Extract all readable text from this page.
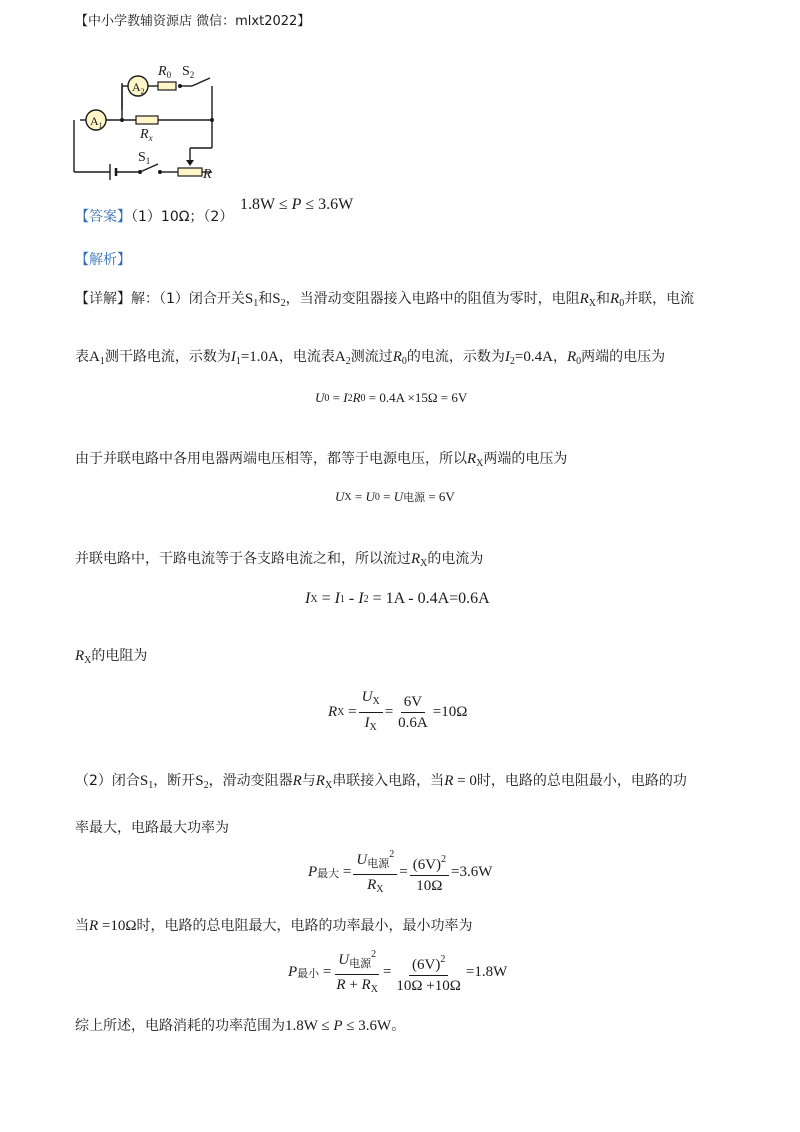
【中小学教辅资源店 微信：mlxt2022】
$A_2$
$A_1$
$R_0$ $S_2$
$R_x$
$S_1$
R
【答案】（1）10Ω；（2）
1.8W ≤ P ≤ 3.6W
【解析】
【详解】解：（1）闭合开关$S_1$和$S_2$，当滑动变阻器接入电路中的阻值为零时，电阻$R_X$和$R_0$并联，电流
表$A_1$测干路电流，示数为$I_1=1.0A$，电流表$A_2$测流过$R_0$的电流，示数为$I_2=0.4A$，$R_0$两端的电压为
U 0 = I 2 R 0
= 0.4A ×15Ω = 6V
由于并联电路中各用电器两端电压相等，都等于电源电压，所以$R_X$两端的电压为
U X = U 0 = U 电源
= 6V
并联电路中，干路电流等于各支路电流之和，所以流过$R_X$的电流为
I X = I 1 - I 2
= 1A - 0.4A=0.6A
$R_X$的电阻为
R $X = \frac{U_X}{I_X} = \frac{6V}{0.6A} =10\Omega$
（2）闭合$S_1$，断开$S_2$，滑动变阻器R与$R_X$串联接入电路，当R = 0时，电路的总电阻最小，电路的功
率最大，电路最大功率为
P 最大 = $\frac{U_{电源}^2}{R_X} = \frac{(6V)^2}{10\Omega} =3.6W$
当R =10Ω时，电路的总电阻最大，电路的功率最小，最小功率为
P 最小 = $\frac{U_{电源}^2}{R + R_X} = \frac{(6V)^2}{10\Omega +10\Omega} =1.8W$
综上所述，电路消耗的功率范围为1.8W ≤ P ≤ 3.6W。
